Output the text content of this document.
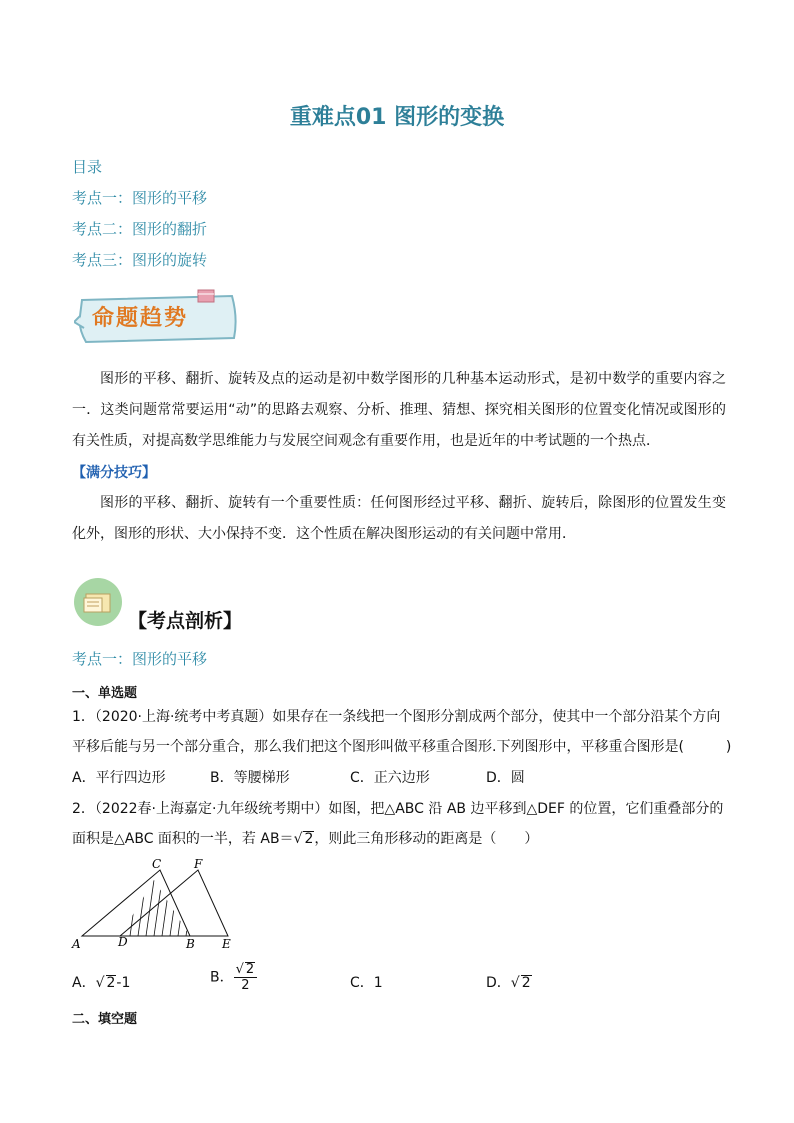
重难点01 图形的变换
目录
考点一：图形的平移
考点二：图形的翻折
考点三：图形的旋转
命题趋势
图形的平移、翻折、旋转及点的运动是初中数学图形的几种基本运动形式，是初中数学的重要内容之一．这类问题常常要运用“动”的思路去观察、分析、推理、猜想、探究相关图形的位置变化情况或图形的有关性质，对提高数学思维能力与发展空间观念有重要作用，也是近年的中考试题的一个热点．
【满分技巧】
图形的平移、翻折、旋转有一个重要性质：任何图形经过平移、翻折、旋转后，除图形的位置发生变化外，图形的形状、大小保持不变．这个性质在解决图形运动的有关问题中常用．
【考点剖析】
考点一：图形的平移
一、单选题
1．（2020·上海·统考中考真题）如果存在一条线把一个图形分割成两个部分，使其中一个部分沿某个方向平移后能与另一个部分重合，那么我们把这个图形叫做平移重合图形.下列图形中，平移重合图形是(　　　)
A．平行四边形	B．等腰梯形	C．正六边形	D．圆
2．（2022春·上海嘉定·九年级统考期中）如图，把△ABC 沿 AB 边平移到△DEF 的位置，它们重叠部分的面积是△ABC 面积的一半，若 AB＝√ 2，则此三角形移动的距离是（　　）
A	D	B E
C	F
A．√ 2-1	B． $\frac{√ 2}{2}$	C．1	D．√ 2
二、填空题
